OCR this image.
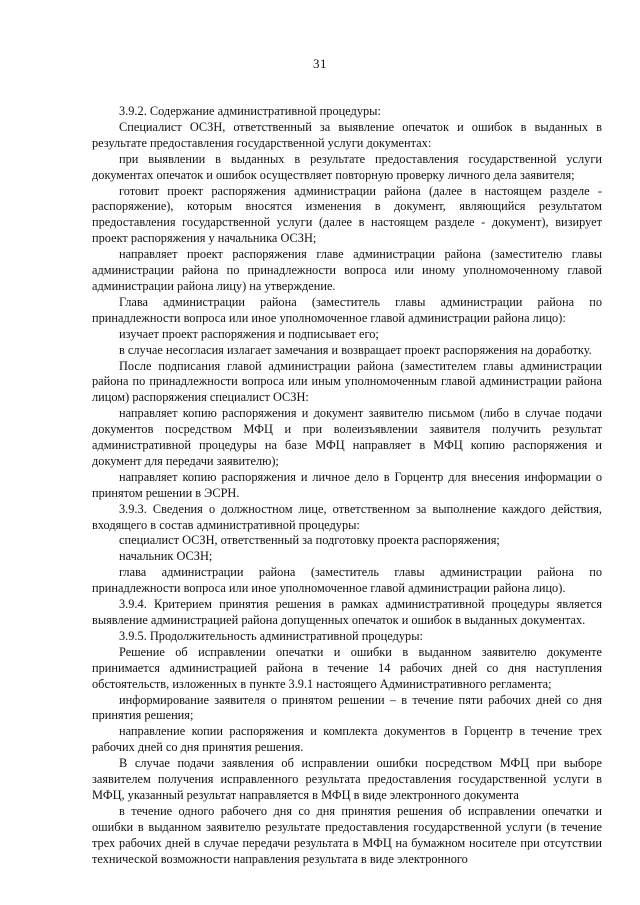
31

3.9.2. Содержание административной процедуры:

Специалист ОСЗН, ответственный за выявление опечаток и ошибок в выданных в результате предоставления государственной услуги документах:

при выявлении в выданных в результате предоставления государственной услуги документах опечаток и ошибок осуществляет повторную проверку личного дела заявителя;

готовит проект распоряжения администрации района (далее в настоящем разделе - распоряжение), которым вносятся изменения в документ, являющийся результатом предоставления государственной услуги (далее в настоящем разделе - документ), визирует проект распоряжения у начальника ОСЗН;

направляет проект распоряжения главе администрации района (заместителю главы администрации района по принадлежности вопроса или иному уполномоченному главой администрации района лицу) на утверждение.

Глава администрации района (заместитель главы администрации района по принадлежности вопроса или иное уполномоченное главой администрации района лицо):

изучает проект распоряжения и подписывает его;

в случае несогласия излагает замечания и возвращает проект распоряжения на доработку.

После подписания главой администрации района (заместителем главы администрации района по принадлежности вопроса или иным уполномоченным главой администрации района лицом) распоряжения специалист ОСЗН:

направляет копию распоряжения и документ заявителю письмом (либо в случае подачи документов посредством МФЦ и при волеизъявлении заявителя получить результат административной процедуры на базе МФЦ направляет в МФЦ копию распоряжения и документ для передачи заявителю);

направляет копию распоряжения и личное дело в Горцентр для внесения информации о принятом решении в ЭСРН.

3.9.3. Сведения о должностном лице, ответственном за выполнение каждого действия, входящего в состав административной процедуры:

специалист ОСЗН, ответственный за подготовку проекта распоряжения;

начальник ОСЗН;

глава администрации района (заместитель главы администрации района по принадлежности вопроса или иное уполномоченное главой администрации района лицо).

3.9.4. Критерием принятия решения в рамках административной процедуры является выявление администрацией района допущенных опечаток и ошибок в выданных документах.

3.9.5. Продолжительность административной процедуры:

Решение об исправлении опечатки и ошибки в выданном заявителю документе принимается администрацией района в течение 14 рабочих дней со дня наступления обстоятельств, изложенных в пункте 3.9.1 настоящего Административного регламента;

информирование заявителя о принятом решении – в течение пяти рабочих дней со дня принятия решения;

направление копии распоряжения и комплекта документов в Горцентр в течение трех рабочих дней со дня принятия решения.

В случае подачи заявления об исправлении ошибки посредством МФЦ при выборе заявителем получения исправленного результата предоставления государственной услуги в МФЦ, указанный результат направляется в МФЦ в виде электронного документа

в течение одного рабочего дня со дня принятия решения об исправлении опечатки и ошибки в выданном заявителю результате предоставления государственной услуги (в течение трех рабочих дней в случае передачи результата в МФЦ на бумажном носителе при отсутствии технической возможности направления результата в виде электронного
